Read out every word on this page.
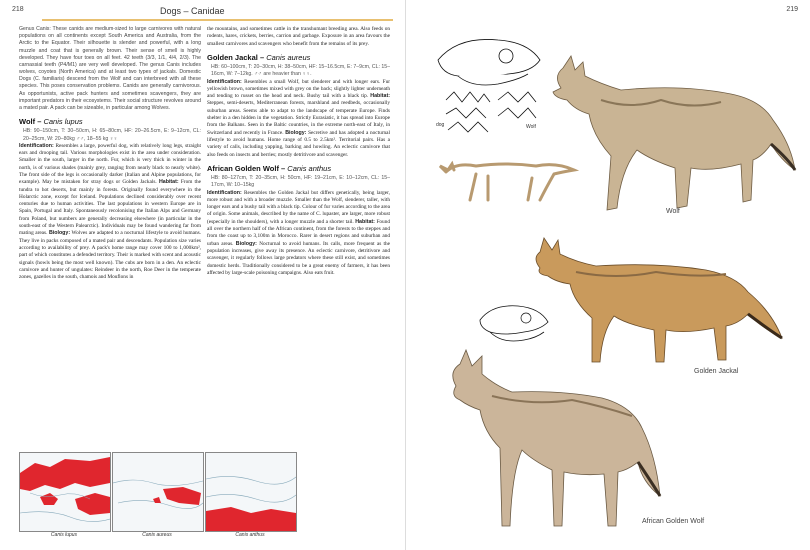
218	Dogs – Canidae
Genus Canis: These canids are medium-sized to large carnivores with natural populations on all continents except South America and Australia, from the Arctic to the Equator. Their silhouette is slender and powerful, with a long muzzle and coat that is generally brown. Their sense of smell is highly developed. They have four toes on all feet. 42 teeth (3/3, 1/1, 4/4, 2/3). The carnassial teeth (P4/M1) are very well developed. The genus Canis includes wolves, coyotes (North America) and at least two types of jackals. Domestic Dogs (C. familiaris) descend from the Wolf and can interbreed with all these species. This poses conservation problems. Canids are generally carnivorous. As opportunists, active pack hunters and sometimes scavengers, they are important predators in their ecosystems. Their social structure revolves around a mated pair. A pack can be sizeable, in particular among Wolves.
Wolf – Canis lupus
HB: 90–150cm, T: 30–50cm, H: 65–80cm, HF: 20–26.5cm, E: 9–12cm, CL: 20–25cm, W: 20–80kg ♂♂, 18–55 kg ♀♀
Identification: Resembles a large, powerful dog, with relatively long legs, straight ears and drooping tail. Various morphologies exist in the area under consideration. Smaller in the south, larger in the north. Fur, which is very thick in winter in the north, is of various shades (mainly grey, ranging from nearly black to nearly white). The front side of the legs is occasionally darker (Italian and Alpine populations, for example). May be mistaken for stray dogs or Golden Jackals. Habitat: From the tundra to hot deserts, but mainly in forests. Originally found everywhere in the Holarctic zone, except for Iceland. Populations declined considerably over recent centuries due to human activities. The last populations in western Europe are in Spain, Portugal and Italy. Spontaneously recolonising the Italian Alps and Germany from Poland, but numbers are generally decreasing elsewhere (in particular in the south-east of the Western Palearctic). Individuals may be found wandering far from mating areas. Biology: Wolves are adapted to a nocturnal lifestyle to avoid humans. They live in packs composed of a mated pair and descendants. Population size varies according to availability of prey. A pack's home range may cover 100 to 1,000km², part of which constitutes a defended territory. Their is marked with scent and acoustic signals (howls being the most well known). The cubs are born in a den. An eclectic carnivore and hunter of ungulates: Reindeer in the north, Roe Deer in the temperate zones, gazelles in the south, chamois and Mouflons in
the mountains, and sometimes cattle in the transhumant breeding area. Also feeds on rodents, hares, crickets, berries, carrion and garbage. Exposure in an area favours the smallest carnivores and scavengers who benefit from the remains of its prey.
Golden Jackal – Canis aureus
HB: 60–100cm, T: 20–30cm, H: 38–50cm, HF: 15–16.5cm, E: 7–9cm, CL: 15–16cm, W: 7–12kg. ♂♂ are heavier than ♀♀.
Identification: Resembles a small Wolf, but slenderer and with longer ears. Fur yellowish brown, sometimes mixed with grey on the back; slightly lighter underneath and tending to russet on the head and neck. Bushy tail with a black tip. Habitat: Steppes, semi-deserts, Mediterranean forests, marshland and reedbeds, occasionally suburban areas. Seems able to adapt to the landscape of temperate Europe. Finds shelter in a den hidden in the vegetation. Strictly Eurasiatic, it has spread into Europe from the Balkans. Seen in the Baltic countries, in the extreme north-east of Italy, in Switzerland and recently in France. Biology: Secretive and has adopted a nocturnal lifestyle to avoid humans. Home range of 0.5 to 2.5km². Territorial pairs. Has a variety of calls, including yapping, barking and howling. An eclectic carnivore that also feeds on insects and berries; mostly detritivore and scavenger.
African Golden Wolf – Canis anthus
HB: 80–127cm, T: 20–35cm, H: 50cm, HF: 19–21cm, E: 10–12cm, CL: 15–17cm, W: 10–15kg
Identification: Resembles the Golden Jackal but differs genetically, being larger, more robust and with a broader muzzle. Smaller than the Wolf, slenderer, taller, with longer ears and a bushy tail with a black tip. Colour of fur varies according to the area of origin. Some animals, described by the name of C. lupaster, are larger, more robust (especially in the shoulders), with a longer muzzle and a shorter tail. Habitat: Found all over the northern half of the African continent, from the forests to the steppes and from the coast up to 3,100m in Morocco. Rarer in desert regions and suburban and urban areas. Biology: Nocturnal to avoid humans. Its calls, more frequent as the population increases, give away its presence. An eclectic carnivore, detritivore and scavenger, it regularly follows large predators where these still exist, and sometimes domestic herds. Traditionally considered to be a great enemy of farmers, it has been affected by large-scale poisoning campaigns. Also eats fruit.
Canis lupus	Canis aureus	Canis anthus
219
dog	Wolf
Wolf
Golden Jackal
African Golden Wolf
